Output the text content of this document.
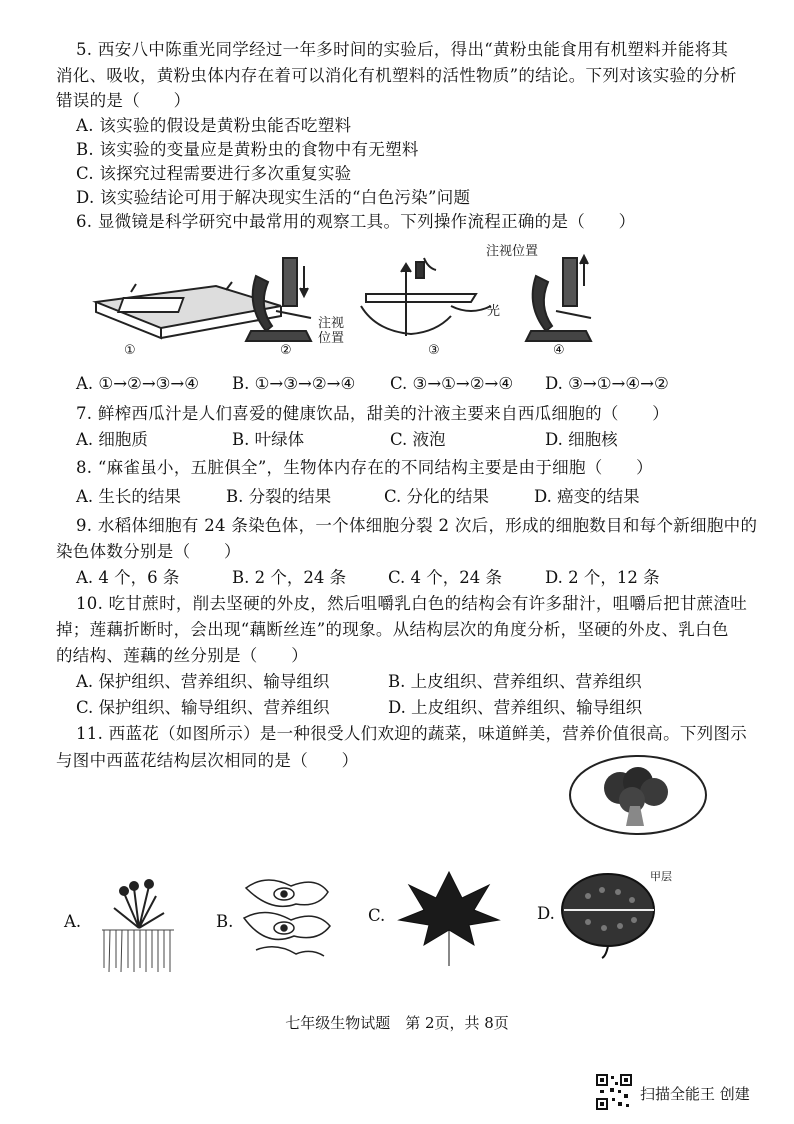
5. 西安八中陈重光同学经过一年多时间的实验后，得出“黄粉虫能食用有机塑料并能将其
消化、吸收，黄粉虫体内存在着可以消化有机塑料的活性物质”的结论。下列对该实验的分析
错误的是（　　）
A. 该实验的假设是黄粉虫能否吃塑料
B. 该实验的变量应是黄粉虫的食物中有无塑料
C. 该探究过程需要进行多次重复实验
D. 该实验结论可用于解决现实生活的“白色污染”问题
6. 显微镜是科学研究中最常用的观察工具。下列操作流程正确的是（　　）
注视位置
注视
位置
光
①	②	③	④
A. ①→②→③→④ B. ①→③→②→④ C. ③→①→②→④ D. ③→①→④→②
7. 鲜榨西瓜汁是人们喜爱的健康饮品，甜美的汁液主要来自西瓜细胞的（　　）
A. 细胞质	B. 叶绿体	C. 液泡	D. 细胞核
8. “麻雀虽小，五脏俱全”，生物体内存在的不同结构主要是由于细胞（　　）
A. 生长的结果	B. 分裂的结果	C. 分化的结果	D. 癌变的结果
9. 水稻体细胞有 24 条染色体，一个体细胞分裂 2 次后，形成的细胞数目和每个新细胞中的
染色体数分别是（　　）
A. 4 个，6 条	B. 2 个，24 条	C. 4 个，24 条	D. 2 个，12 条
10. 吃甘蔗时，削去坚硬的外皮，然后咀嚼乳白色的结构会有许多甜汁，咀嚼后把甘蔗渣吐
掉；莲藕折断时，会出现“藕断丝连”的现象。从结构层次的角度分析，坚硬的外皮、乳白色
的结构、莲藕的丝分别是（　　）
A. 保护组织、营养组织、输导组织	B. 上皮组织、营养组织、营养组织
C. 保护组织、输导组织、营养组织	D. 上皮组织、营养组织、输导组织
11. 西蓝花（如图所示）是一种很受人们欢迎的蔬菜，味道鲜美，营养价值很高。下列图示
与图中西蓝花结构层次相同的是（　　）
A.	B.	C.	D.
甲层
七年级生物试题　第 2页，共 8页
扫描全能王 创建
